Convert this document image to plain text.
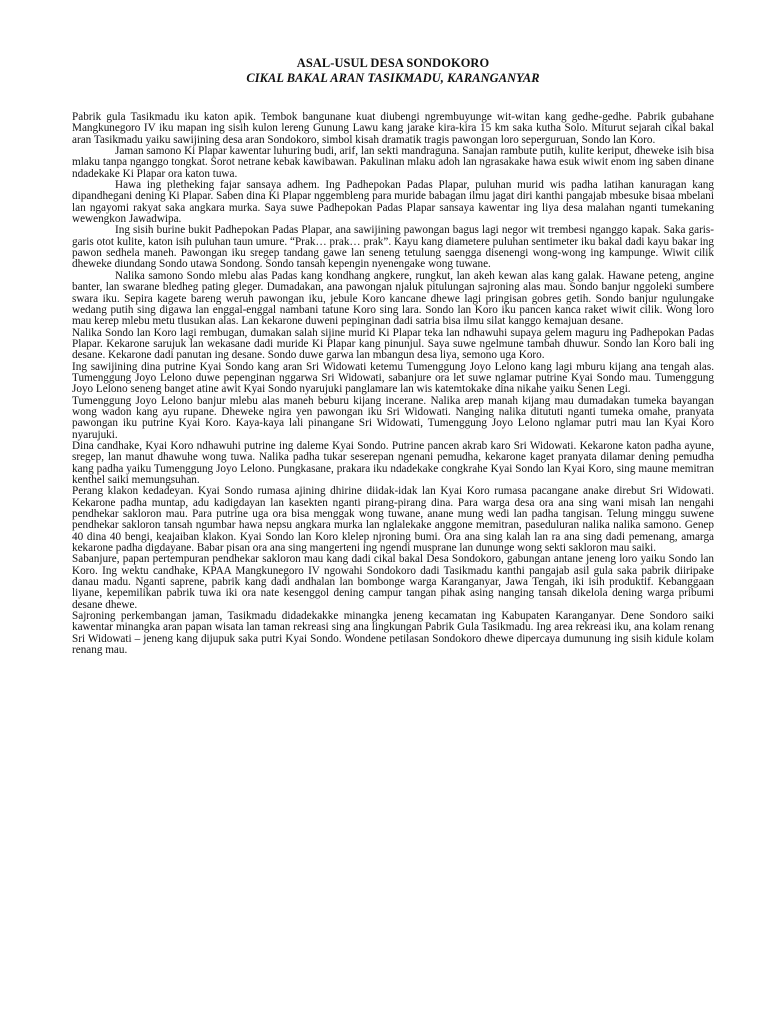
ASAL-USUL DESA SONDOKORO
CIKAL BAKAL ARAN TASIKMADU, KARANGANYAR

Pabrik gula Tasikmadu iku katon apik. Tembok bangunane kuat diubengi ngrembuyunge wit-witan kang gedhe-gedhe. Pabrik gubahane Mangkunegoro IV iku mapan ing sisih kulon lereng Gunung Lawu kang jarake kira-kira 15 km saka kutha Solo. Miturut sejarah cikal bakal aran Tasikmadu yaiku sawijining desa aran Sondokoro, simbol kisah dramatik tragis pawongan loro seperguruan, Sondo lan Koro.

Jaman samono Ki Plapar kawentar luhuring budi, arif, lan sekti mandraguna. Sanajan rambute putih, kulite keriput, dheweke isih bisa mlaku tanpa nganggo tongkat. Sorot netrane kebak kawibawan. Pakulinan mlaku adoh lan ngrasakake hawa esuk wiwit enom ing saben dinane ndadekake Ki Plapar ora katon tuwa.

Hawa ing pletheking fajar sansaya adhem. Ing Padhepokan Padas Plapar, puluhan murid wis padha latihan kanuragan kang dipandhegani dening Ki Plapar. Saben dina Ki Plapar nggembleng para muride babagan ilmu jagat diri kanthi pangajab mbesuke bisaa mbelani lan ngayomi rakyat saka angkara murka. Saya suwe Padhepokan Padas Plapar sansaya kawentar ing liya desa malahan nganti tumekaning wewengkon Jawadwipa.

Ing sisih burine bukit Padhepokan Padas Plapar, ana sawijining pawongan bagus lagi negor wit trembesi nganggo kapak. Saka garis-garis otot kulite, katon isih puluhan taun umure. “Prak… prak… prak”. Kayu kang diametere puluhan sentimeter iku bakal dadi kayu bakar ing pawon sedhela maneh. Pawongan iku sregep tandang gawe lan seneng tetulung saengga disenengi wong-wong ing kampunge. Wiwit cilik dheweke diundang Sondo utawa Sondong. Sondo tansah kepengin nyenengake wong tuwane.

Nalika samono Sondo mlebu alas Padas kang kondhang angkere, rungkut, lan akeh kewan alas kang galak. Hawane peteng, angine banter, lan swarane bledheg pating gleger. Dumadakan, ana pawongan njaluk pitulungan sajroning alas mau. Sondo banjur nggoleki sumbere swara iku. Sepira kagete bareng weruh pawongan iku, jebule Koro kancane dhewe lagi pringisan gobres getih. Sondo banjur ngulungake wedang putih sing digawa lan enggal-enggal nambani tatune Koro sing lara. Sondo lan Koro iku pancen kanca raket wiwit cilik. Wong loro mau kerep mlebu metu tlusukan alas. Lan kekarone duweni pepinginan dadi satria bisa ilmu silat kanggo kemajuan desane.

Nalika Sondo lan Koro lagi rembugan, dumakan salah sijine murid Ki Plapar teka lan ndhawuhi supaya gelem maguru ing Padhepokan Padas Plapar. Kekarone sarujuk lan wekasane dadi muride Ki Plapar kang pinunjul. Saya suwe ngelmune tambah dhuwur. Sondo lan Koro bali ing desane. Kekarone dadi panutan ing desane. Sondo duwe garwa lan mbangun desa liya, semono uga Koro.

Ing sawijining dina putrine Kyai Sondo kang aran Sri Widowati ketemu Tumenggung Joyo Lelono kang lagi mburu kijang ana tengah alas. Tumenggung Joyo Lelono duwe pepenginan nggarwa Sri Widowati, sabanjure ora let suwe nglamar putrine Kyai Sondo mau. Tumenggung Joyo Lelono seneng banget atine awit Kyai Sondo nyarujuki panglamare lan wis katemtokake dina nikahe yaiku Senen Legi.

Tumenggung Joyo Lelono banjur mlebu alas maneh beburu kijang incerane. Nalika arep manah kijang mau dumadakan tumeka bayangan wong wadon kang ayu rupane. Dheweke ngira yen pawongan iku Sri Widowati. Nanging nalika ditututi nganti tumeka omahe, pranyata pawongan iku putrine Kyai Koro. Kaya-kaya lali pinangane Sri Widowati, Tumenggung Joyo Lelono nglamar putri mau lan Kyai Koro nyarujuki.

Dina candhake, Kyai Koro ndhawuhi putrine ing daleme Kyai Sondo. Putrine pancen akrab karo Sri Widowati. Kekarone katon padha ayune, sregep, lan manut dhawuhe wong tuwa. Nalika padha tukar seserepan ngenani pemudha, kekarone kaget pranyata dilamar dening pemudha kang padha yaiku Tumenggung Joyo Lelono. Pungkasane, prakara iku ndadekake congkrahe Kyai Sondo lan Kyai Koro, sing maune memitran kenthel saiki memungsuhan.

Perang klakon kedadeyan. Kyai Sondo rumasa ajining dhirine diidak-idak lan Kyai Koro rumasa pacangane anake direbut Sri Widowati. Kekarone padha muntap, adu kadigdayan lan kasekten nganti pirang-pirang dina. Para warga desa ora ana sing wani misah lan nengahi pendhekar sakloron mau. Para putrine uga ora bisa menggak wong tuwane, anane mung wedi lan padha tangisan. Telung minggu suwene pendhekar sakloron tansah ngumbar hawa nepsu angkara murka lan nglalekake anggone memitran, paseduluran nalika nalika samono. Genep 40 dina 40 bengi, keajaiban klakon. Kyai Sondo lan Koro klelep njroning bumi. Ora ana sing kalah lan ra ana sing dadi pemenang, amarga kekarone padha digdayane. Babar pisan ora ana sing mangerteni ing ngendi musprane lan dununge wong sekti sakloron mau saiki.

Sabanjure, papan pertempuran pendhekar sakloron mau kang dadi cikal bakal Desa Sondokoro, gabungan antane jeneng loro yaiku Sondo lan Koro. Ing wektu candhake, KPAA Mangkunegoro IV ngowahi Sondokoro dadi Tasikmadu kanthi pangajab asil gula saka pabrik diiripake danau madu. Nganti saprene, pabrik kang dadi andhalan lan bombonge warga Karanganyar, Jawa Tengah, iki isih produktif. Kebanggaan liyane, kepemilikan pabrik tuwa iki ora nate kesenggol dening campur tangan pihak asing nanging tansah dikelola dening warga pribumi desane dhewe.

Sajroning perkembangan jaman, Tasikmadu didadekakke minangka jeneng kecamatan ing Kabupaten Karanganyar. Dene Sondoro saiki kawentar minangka aran papan wisata lan taman rekreasi sing ana lingkungan Pabrik Gula Tasikmadu. Ing area rekreasi iku, ana kolam renang Sri Widowati – jeneng kang dijupuk saka putri Kyai Sondo. Wondene petilasan Sondokoro dhewe dipercaya dumunung ing sisih kidule kolam renang mau.
